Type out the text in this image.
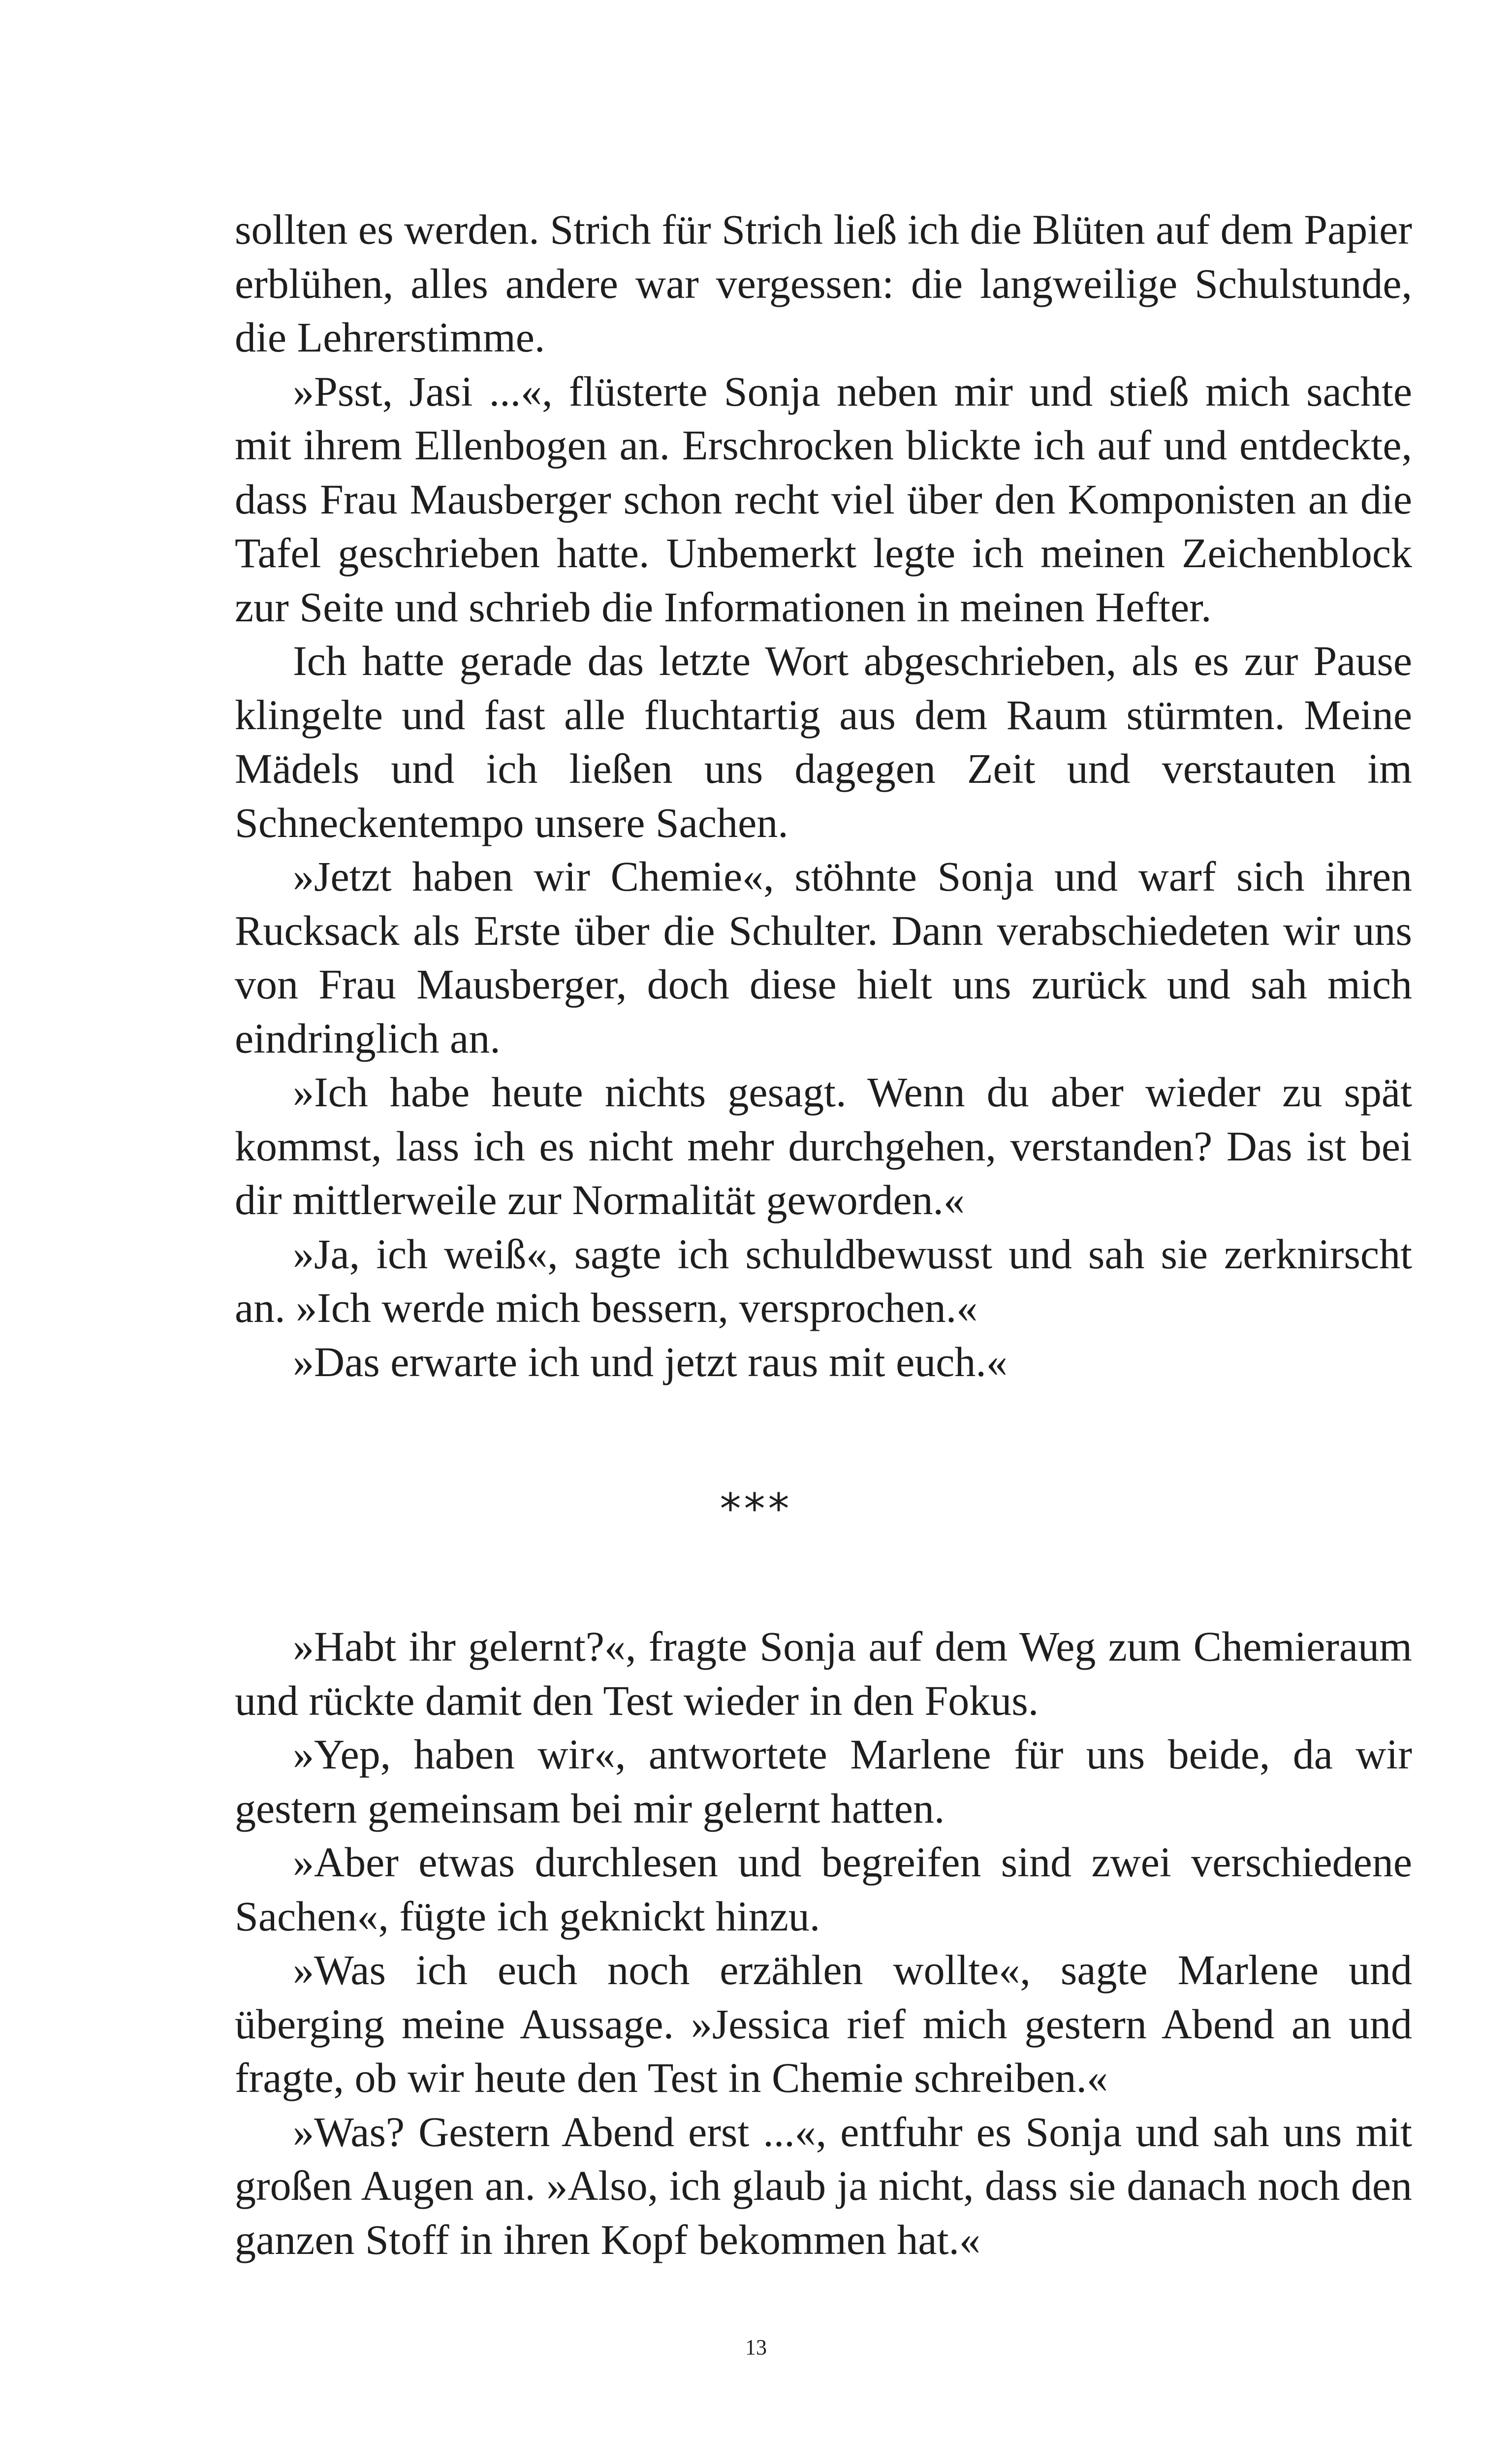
sollten es werden. Strich für Strich ließ ich die Blüten auf dem Papier erblühen, alles andere war vergessen: die langweilige Schulstunde, die Lehrerstimme.

»Psst, Jasi ...«, flüsterte Sonja neben mir und stieß mich sachte mit ihrem Ellenbogen an. Erschrocken blickte ich auf und entdeckte, dass Frau Mausberger schon recht viel über den Komponisten an die Tafel geschrieben hatte. Unbemerkt legte ich meinen Zeichenblock zur Seite und schrieb die Informationen in meinen Hefter.

Ich hatte gerade das letzte Wort abgeschrieben, als es zur Pause klingelte und fast alle fluchtartig aus dem Raum stürmten. Meine Mädels und ich ließen uns dagegen Zeit und verstauten im Schneckentempo unsere Sachen.

»Jetzt haben wir Chemie«, stöhnte Sonja und warf sich ihren Rucksack als Erste über die Schulter. Dann verabschiedeten wir uns von Frau Mausberger, doch diese hielt uns zurück und sah mich eindringlich an.

»Ich habe heute nichts gesagt. Wenn du aber wieder zu spät kommst, lass ich es nicht mehr durchgehen, verstanden? Das ist bei dir mittlerweile zur Normalität geworden.«

»Ja, ich weiß«, sagte ich schuldbewusst und sah sie zerknirscht an. »Ich werde mich bessern, versprochen.«

»Das erwarte ich und jetzt raus mit euch.«

***

»Habt ihr gelernt?«, fragte Sonja auf dem Weg zum Chemieraum und rückte damit den Test wieder in den Fokus.

»Yep, haben wir«, antwortete Marlene für uns beide, da wir gestern gemeinsam bei mir gelernt hatten.

»Aber etwas durchlesen und begreifen sind zwei verschiedene Sachen«, fügte ich geknickt hinzu.

»Was ich euch noch erzählen wollte«, sagte Marlene und überging meine Aussage. »Jessica rief mich gestern Abend an und fragte, ob wir heute den Test in Chemie schreiben.«

»Was? Gestern Abend erst ...«, entfuhr es Sonja und sah uns mit großen Augen an. »Also, ich glaub ja nicht, dass sie danach noch den ganzen Stoff in ihren Kopf bekommen hat.«

13
